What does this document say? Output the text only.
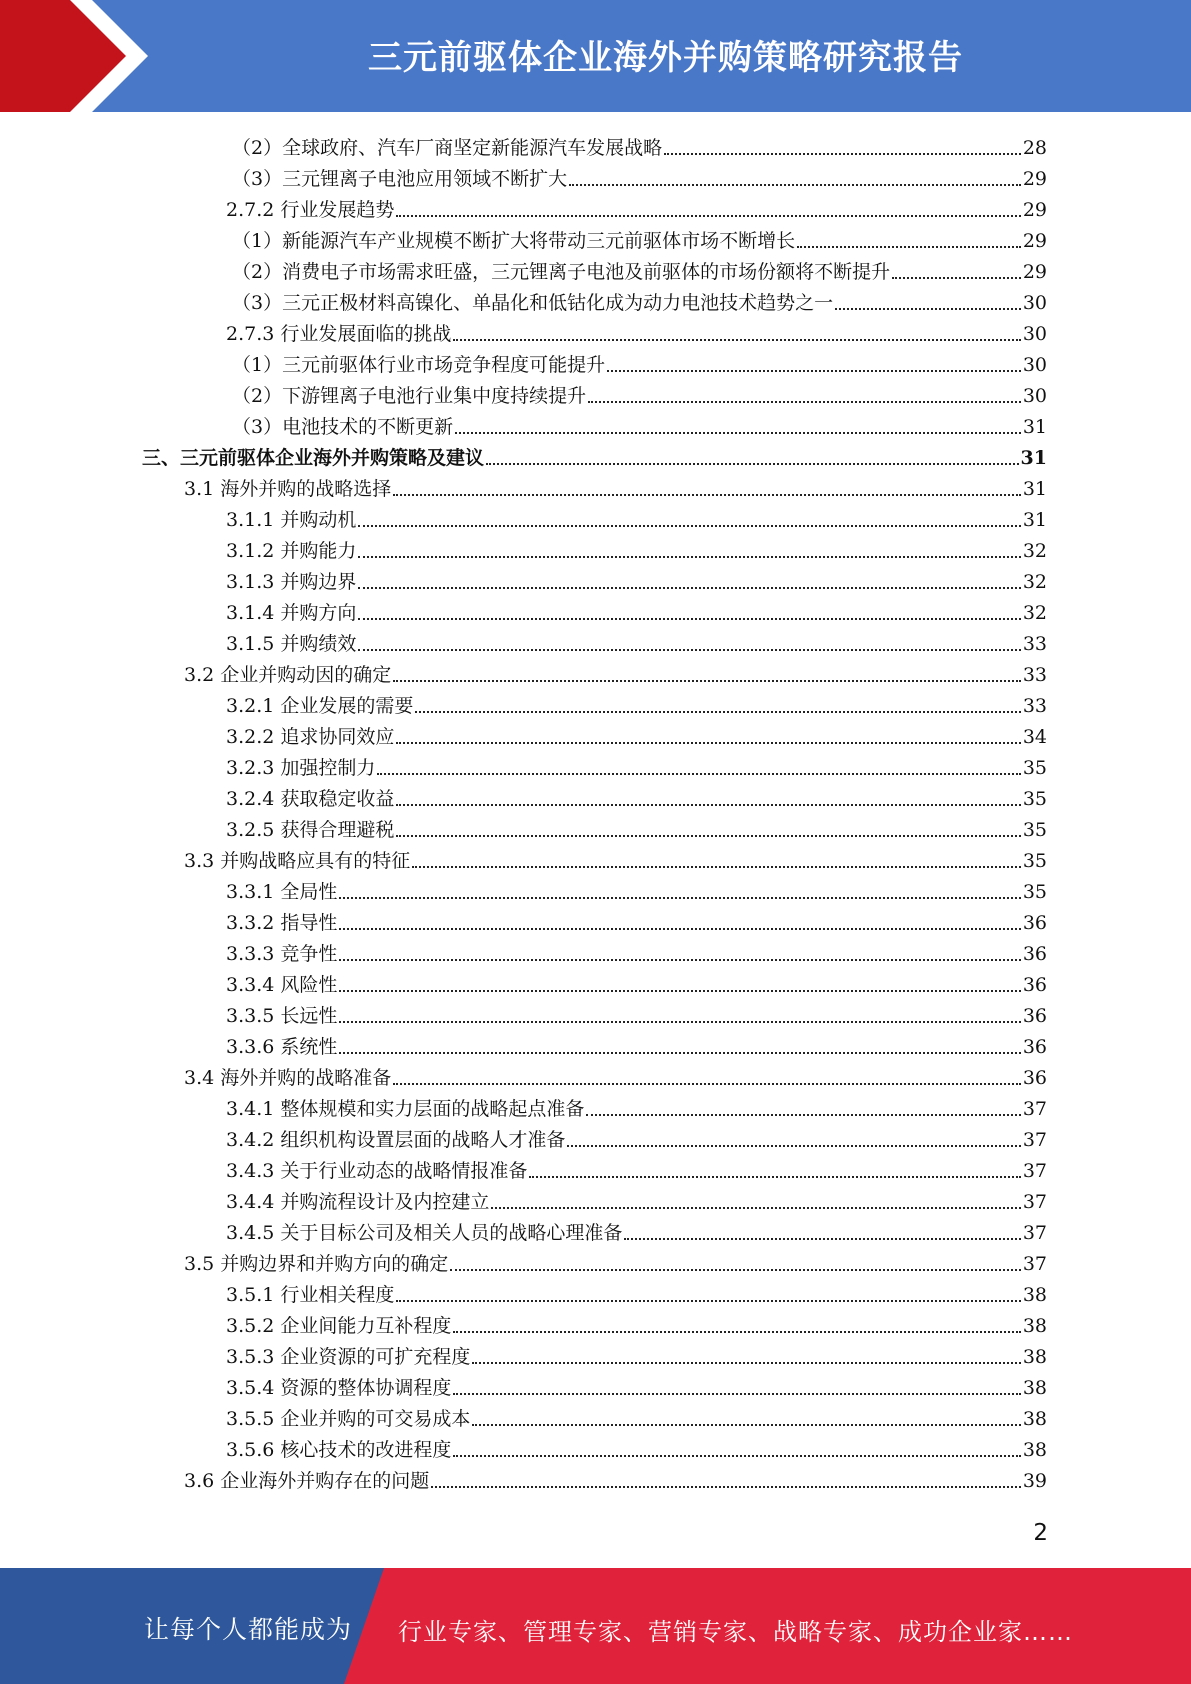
三元前驱体企业海外并购策略研究报告
（2）全球政府、汽车厂商坚定新能源汽车发展战略	28
（3）三元锂离子电池应用领域不断扩大	29
2.7.2 行业发展趋势	29
（1）新能源汽车产业规模不断扩大将带动三元前驱体市场不断增长	29
（2）消费电子市场需求旺盛，三元锂离子电池及前驱体的市场份额将不断提升	29
（3）三元正极材料高镍化、单晶化和低钴化成为动力电池技术趋势之一	30
2.7.3 行业发展面临的挑战	30
（1）三元前驱体行业市场竞争程度可能提升	30
（2）下游锂离子电池行业集中度持续提升	30
（3）电池技术的不断更新	31
三、三元前驱体企业海外并购策略及建议	31
3.1 海外并购的战略选择	31
3.1.1 并购动机	31
3.1.2 并购能力	32
3.1.3 并购边界	32
3.1.4 并购方向	32
3.1.5 并购绩效	33
3.2 企业并购动因的确定	33
3.2.1 企业发展的需要	33
3.2.2 追求协同效应	34
3.2.3 加强控制力	35
3.2.4 获取稳定收益	35
3.2.5 获得合理避税	35
3.3 并购战略应具有的特征	35
3.3.1 全局性	35
3.3.2 指导性	36
3.3.3 竞争性	36
3.3.4 风险性	36
3.3.5 长远性	36
3.3.6 系统性	36
3.4 海外并购的战略准备	36
3.4.1 整体规模和实力层面的战略起点准备	37
3.4.2 组织机构设置层面的战略人才准备	37
3.4.3 关于行业动态的战略情报准备	37
3.4.4 并购流程设计及内控建立	37
3.4.5 关于目标公司及相关人员的战略心理准备	37
3.5 并购边界和并购方向的确定	37
3.5.1 行业相关程度	38
3.5.2 企业间能力互补程度	38
3.5.3 企业资源的可扩充程度	38
3.5.4 资源的整体协调程度	38
3.5.5 企业并购的可交易成本	38
3.5.6 核心技术的改进程度	38
3.6 企业海外并购存在的问题	39
2
让每个人都能成为 行业专家、管理专家、营销专家、战略专家、成功企业家……
